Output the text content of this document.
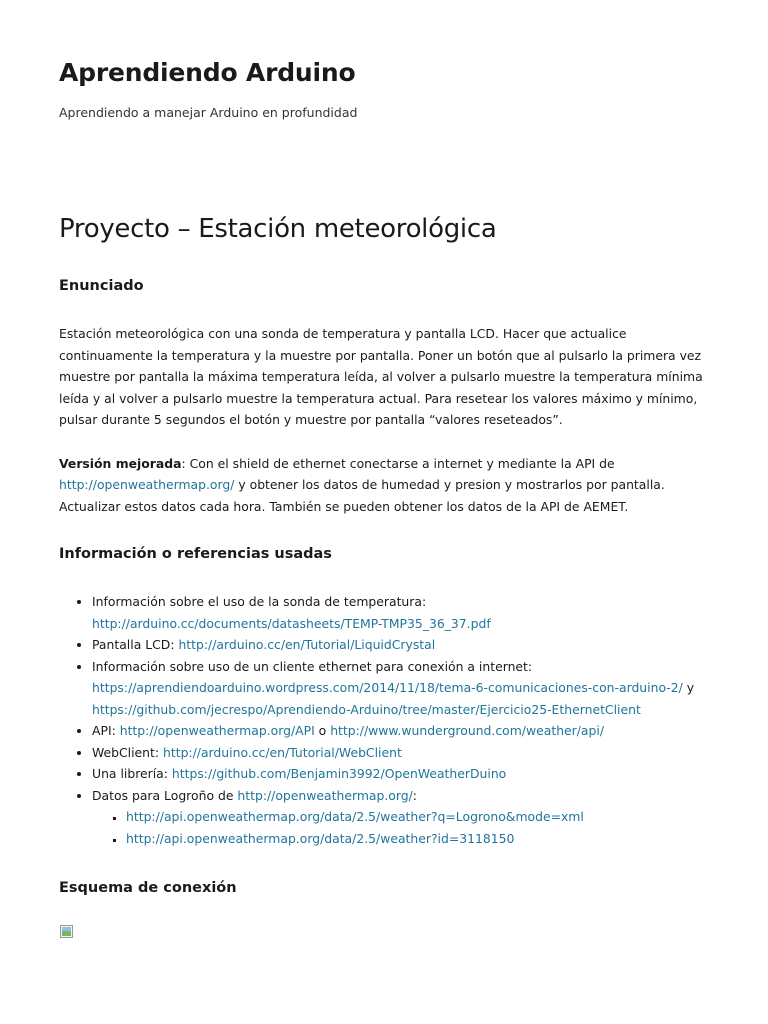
Aprendiendo Arduino

Aprendiendo a manejar Arduino en profundidad

Proyecto – Estación meteorológica
Enunciado

Estación meteorológica con una sonda de temperatura y pantalla LCD. Hacer que actualice continuamente la temperatura y la muestre por pantalla. Poner un botón que al pulsarlo la primera vez muestre por pantalla la máxima temperatura leída, al volver a pulsarlo muestre la temperatura mínima leída y al volver a pulsarlo muestre la temperatura actual. Para resetear los valores máximo y mínimo, pulsar durante 5 segundos el botón y muestre por pantalla “valores reseteados”.

Versión mejorada: Con el shield de ethernet conectarse a internet y mediante la API de http://openweathermap.org/ y obtener los datos de humedad y presion y mostrarlos por pantalla. Actualizar estos datos cada hora. También se pueden obtener los datos de la API de AEMET.

Información o referencias usadas
• Información sobre el uso de la sonda de temperatura: http://arduino.cc/documents/datasheets/TEMP-TMP35_36_37.pdf
• Pantalla LCD: http://arduino.cc/en/Tutorial/LiquidCrystal
• Información sobre uso de un cliente ethernet para conexión a internet: https://aprendiendoarduino.wordpress.com/2014/11/18/tema-6-comunicaciones-con-arduino-2/ y https://github.com/jecrespo/Aprendiendo-Arduino/tree/master/Ejercicio25-EthernetClient
• API: http://openweathermap.org/API o http://www.wunderground.com/weather/api/
• WebClient: http://arduino.cc/en/Tutorial/WebClient
• Una librería: https://github.com/Benjamin3992/OpenWeatherDuino
• Datos para Logroño de http://openweathermap.org/:
▪ http://api.openweathermap.org/data/2.5/weather?q=Logrono&mode=xml
▪ http://api.openweathermap.org/data/2.5/weather?id=3118150
Esquema de conexión
